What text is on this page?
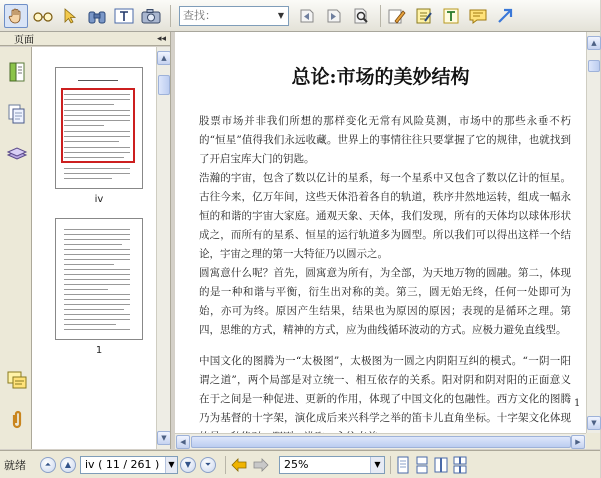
查找：
▼
页面	◂◂
iv
1
▲
▼
总论:市场的美妙结构
股票市场并非我们所想的那样变化无常有风险莫测，市场中的那些永垂不朽的“恒星”值得我们永远收藏。世界上的事情往往只要掌握了它的规律，也就找到了开启宝库大门的钥匙。
浩瀚的宇宙，包含了数以亿计的星系，每一个星系中又包含了数以亿计的恒星。古往今来，亿万年间，这些天体沿着各自的轨道，秩序井然地运转，组成一幅永恒的和谐的宇宙大家庭。通观天象、天体，我们发现，所有的天体均以球体形状成之，而所有的星系、恒星的运行轨道多为圆型。所以我们可以得出这样一个结论，宇宙之理的第一大特征乃以圆示之。
圆寓意什么呢？首先，圆寓意为所有，为全部，为天地万物的圆融。第二，体现的是一种和谐与平衡，衍生出对称的美。第三，圆无始无终，任何一处即可为始，亦可为终。原因产生结果，结果也为原因的原因；表现的是循环之理。第四，思维的方式，精神的方式，应为曲线循环波动的方式。应极力避免直线型。
中国文化的图腾为一“太极图”，太极图为一圆之内阴阳互纠的模式。“一阴一阳谓之道”，两个局部是对立统一、相互依存的关系。阳对阴和阴对阳的正面意义在于之间是一种促进、更新的作用，体现了中国文化的包融性。西方文化的图腾乃为基督的十字架，演化成后来兴科学之举的笛卡儿直角坐标。十字架文化体现
1
▲
▼
◀	▶
就绪	⏶ ▲ iv ( 11 / 261 )	▼	▼ ⏷	25%	▼
